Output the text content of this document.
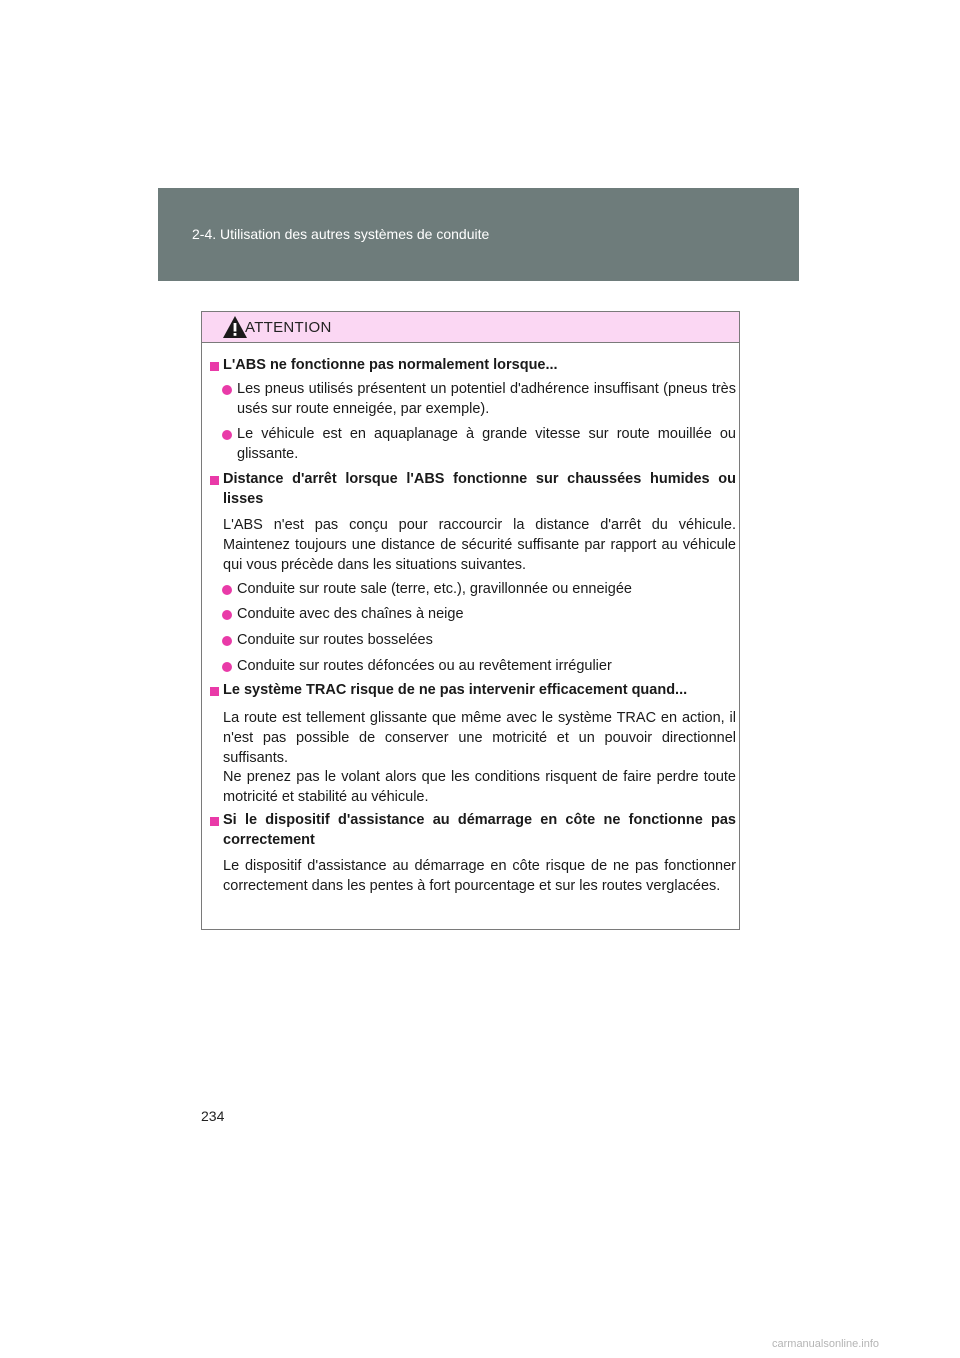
2-4. Utilisation des autres systèmes de conduite
ATTENTION
L'ABS ne fonctionne pas normalement lorsque...
Les pneus utilisés présentent un potentiel d'adhérence insuffisant (pneus très usés sur route enneigée, par exemple).
Le véhicule est en aquaplanage à grande vitesse sur route mouillée ou glissante.
Distance d'arrêt lorsque l'ABS fonctionne sur chaussées humides ou lisses
L'ABS n'est pas conçu pour raccourcir la distance d'arrêt du véhicule. Maintenez toujours une distance de sécurité suffisante par rapport au véhicule qui vous précède dans les situations suivantes.
Conduite sur route sale (terre, etc.), gravillonnée ou enneigée
Conduite avec des chaînes à neige
Conduite sur routes bosselées
Conduite sur routes défoncées ou au revêtement irrégulier
Le système TRAC risque de ne pas intervenir efficacement quand...
La route est tellement glissante que même avec le système TRAC en action, il n'est pas possible de conserver une motricité et un pouvoir directionnel suffisants.
Ne prenez pas le volant alors que les conditions risquent de faire perdre toute motricité et stabilité au véhicule.
Si le dispositif d'assistance au démarrage en côte ne fonctionne pas correctement
Le dispositif d'assistance au démarrage en côte risque de ne pas fonctionner correctement dans les pentes à fort pourcentage et sur les routes verglacées.
234
carmanualsonline.info
